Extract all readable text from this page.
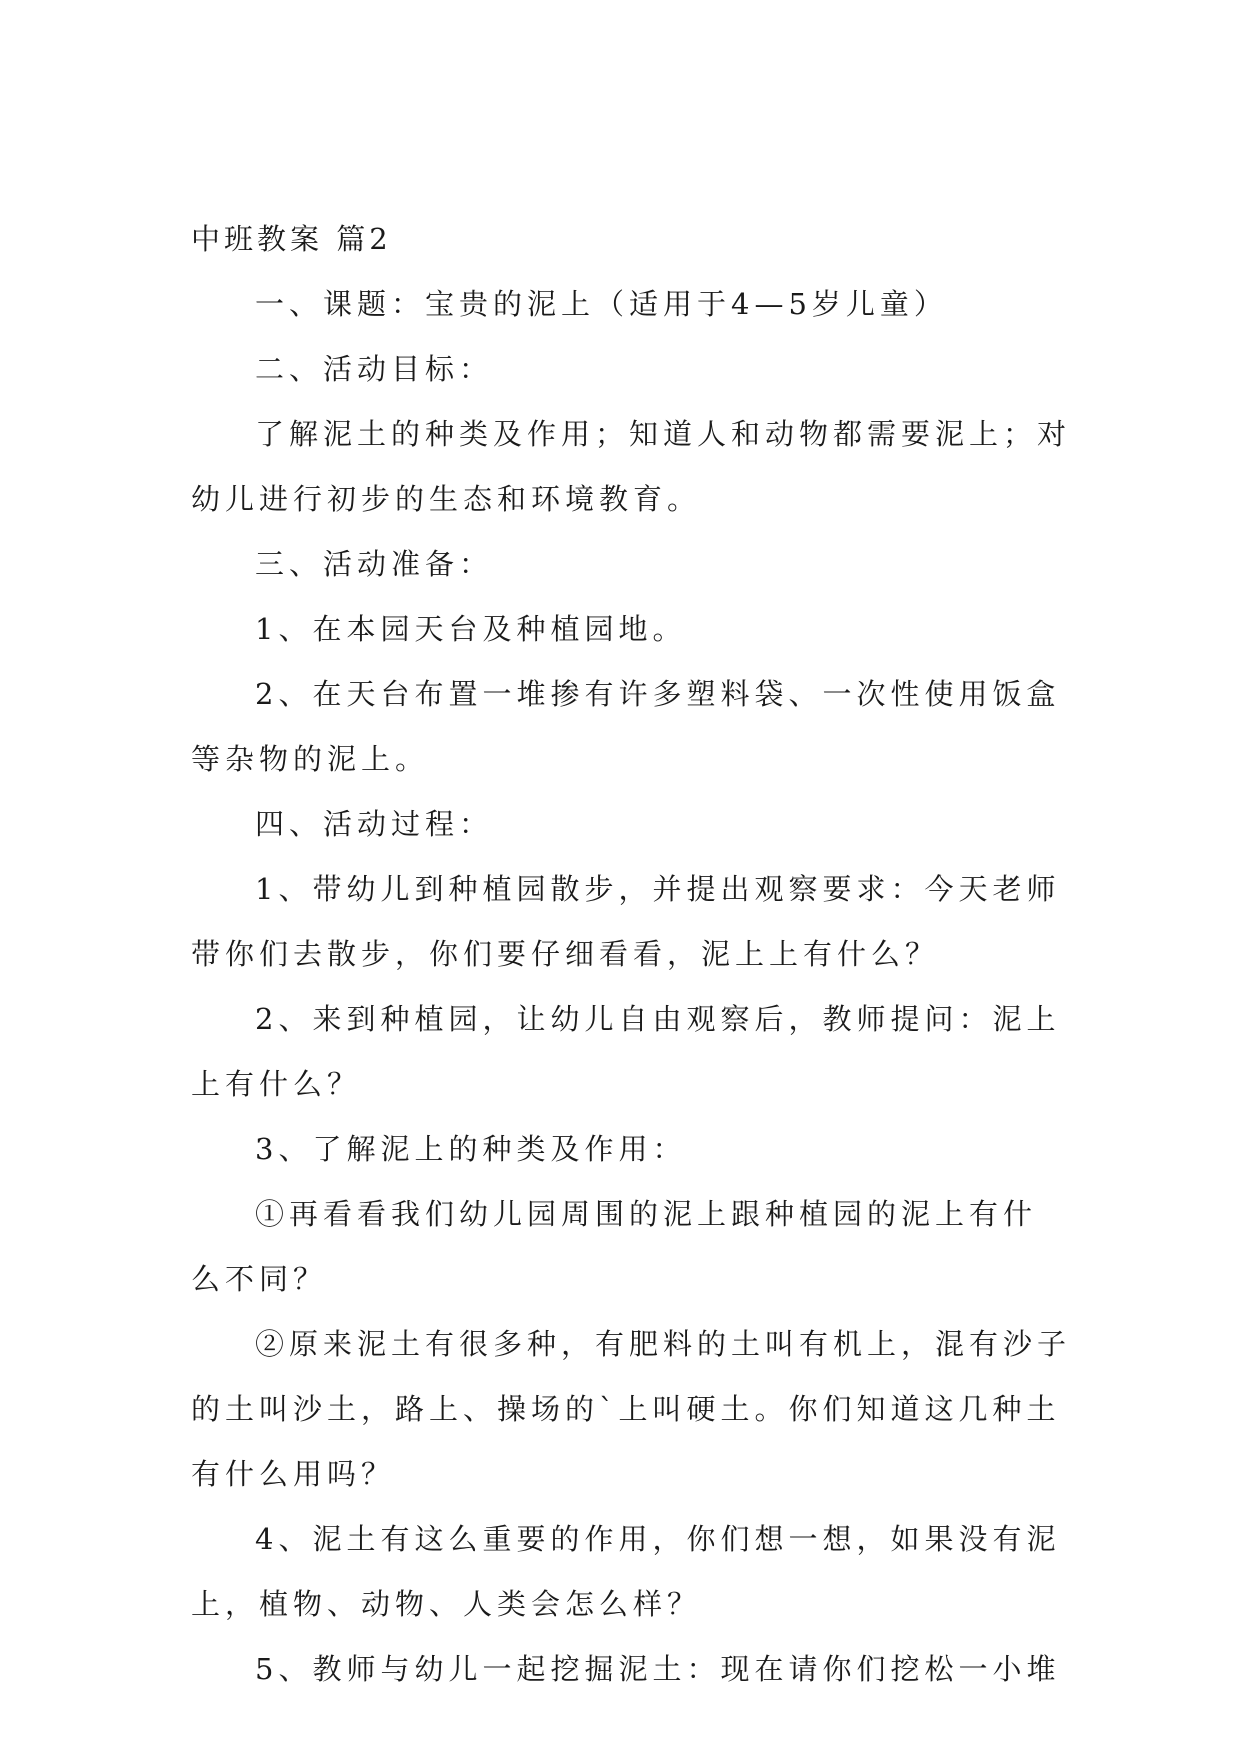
中班教案 篇2

一、课题：宝贵的泥上（适用于4—5岁儿童）

二、活动目标：

了解泥土的种类及作用；知道人和动物都需要泥上；对

幼儿进行初步的生态和环境教育。

三、活动准备：

1、在本园天台及种植园地。

2、在天台布置一堆掺有许多塑料袋、一次性使用饭盒

等杂物的泥上。

四、活动过程：

1、带幼儿到种植园散步，并提出观察要求：今天老师

带你们去散步，你们要仔细看看，泥上上有什么？

2、来到种植园，让幼儿自由观察后，教师提问：泥上

上有什么？

3、了解泥上的种类及作用：

①再看看我们幼儿园周围的泥上跟种植园的泥上有什

么不同？

②原来泥土有很多种，有肥料的土叫有机上，混有沙子

的土叫沙土，路上、操场的`上叫硬土。你们知道这几种土

有什么用吗？

4、泥土有这么重要的作用，你们想一想，如果没有泥

上，植物、动物、人类会怎么样？

5、教师与幼儿一起挖掘泥土：现在请你们挖松一小堆
